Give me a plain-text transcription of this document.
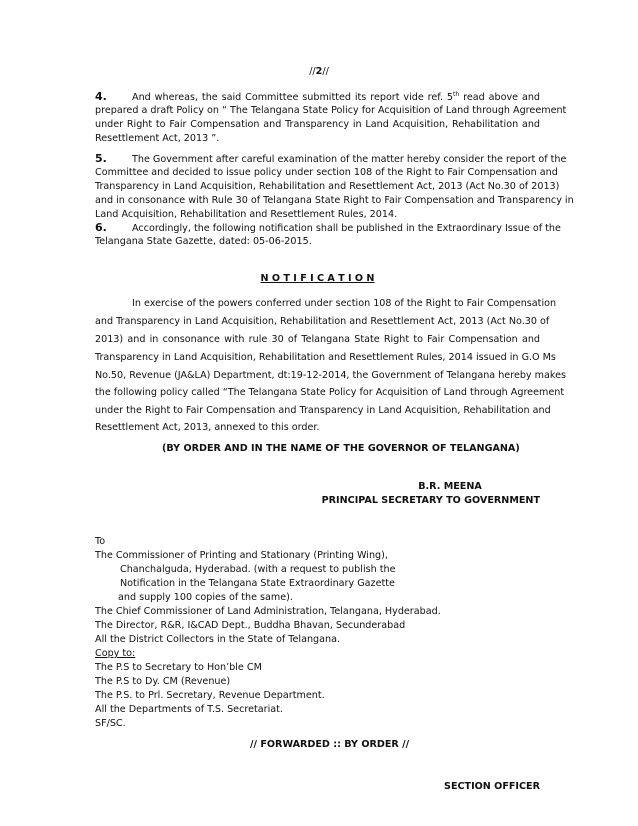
//2//
4.	And whereas, the said Committee submitted its report vide ref. 5th read above and
prepared a draft Policy on “ The Telangana State Policy for Acquisition of Land through Agreement
under Right to Fair Compensation and Transparency in Land Acquisition, Rehabilitation and
Resettlement Act, 2013 ”.
5.	The Government after careful examination of the matter hereby consider the report of the
Committee and decided to issue policy under section 108 of the Right to Fair Compensation and
Transparency in Land Acquisition, Rehabilitation and Resettlement Act, 2013 (Act No.30 of 2013)
and in consonance with Rule 30 of Telangana State Right to Fair Compensation and Transparency in
Land Acquisition, Rehabilitation and Resettlement Rules, 2014.
6.	Accordingly, the following notification shall be published in the Extraordinary Issue of the
Telangana State Gazette, dated: 05-06-2015.
N O T I F I C A T I O N
In exercise of the powers conferred under section 108 of the Right to Fair Compensation
and Transparency in Land Acquisition, Rehabilitation and Resettlement Act, 2013 (Act No.30 of
2013) and in consonance with rule 30 of Telangana State Right to Fair Compensation and
Transparency in Land Acquisition, Rehabilitation and Resettlement Rules, 2014 issued in G.O Ms
No.50, Revenue (JA&LA) Department, dt:19-12-2014, the Government of Telangana hereby makes
the following policy called “The Telangana State Policy for Acquisition of Land through Agreement
under the Right to Fair Compensation and Transparency in Land Acquisition, Rehabilitation and
Resettlement Act, 2013, annexed to this order.
(BY ORDER AND IN THE NAME OF THE GOVERNOR OF TELANGANA)
B.R. MEENA
PRINCIPAL SECRETARY TO GOVERNMENT
To
The Commissioner of Printing and Stationary (Printing Wing),
Chanchalguda, Hyderabad. (with a request to publish the
Notification in the Telangana State Extraordinary Gazette
and supply 100 copies of the same).
The Chief Commissioner of Land Administration, Telangana, Hyderabad.
The Director, R&R, I&CAD Dept., Buddha Bhavan, Secunderabad
All the District Collectors in the State of Telangana.
Copy to:
The P.S to Secretary to Hon’ble CM
The P.S to Dy. CM (Revenue)
The P.S. to Prl. Secretary, Revenue Department.
All the Departments of T.S. Secretariat.
SF/SC.
// FORWARDED :: BY ORDER //
SECTION OFFICER
